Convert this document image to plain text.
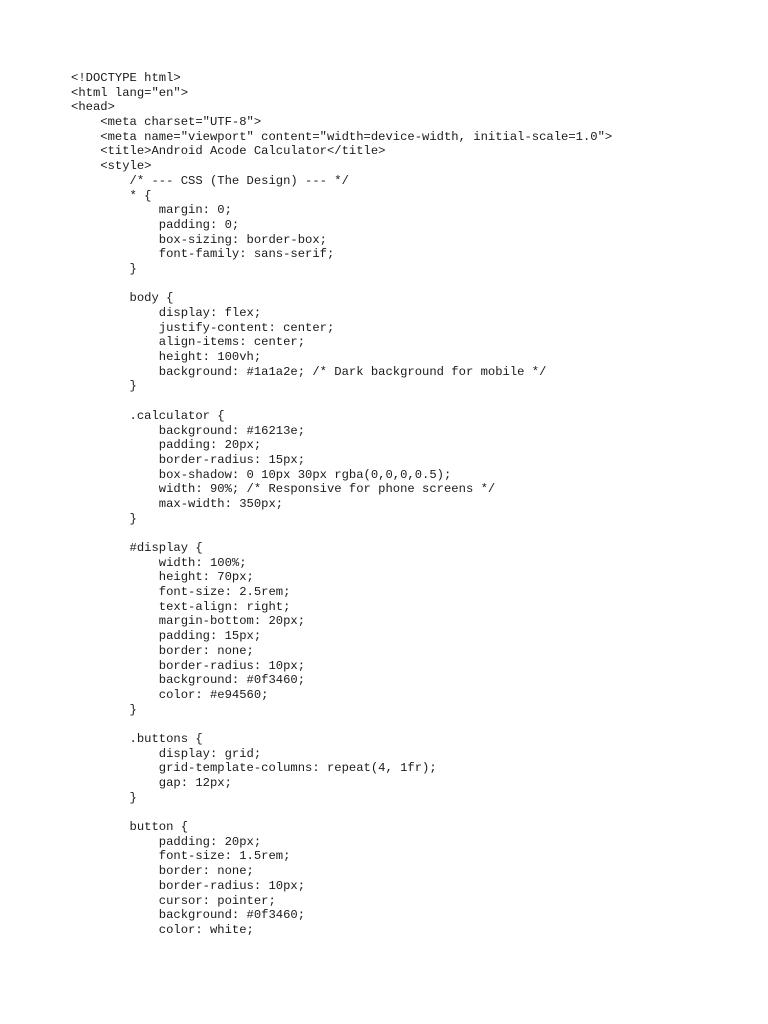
<!DOCTYPE html>
<html lang="en">
<head>
<meta charset="UTF-8">
<meta name="viewport" content="width=device-width, initial-scale=1.0">
<title>Android Acode Calculator</title>
<style>
/* --- CSS (The Design) --- */
* {
margin: 0;
padding: 0;
box-sizing: border-box;
font-family: sans-serif;
}
body {
display: flex;
justify-content: center;
align-items: center;
height: 100vh;
background: #1a1a2e; /* Dark background for mobile */
}
.calculator {
background: #16213e;
padding: 20px;
border-radius: 15px;
box-shadow: 0 10px 30px rgba(0,0,0,0.5);
width: 90%; /* Responsive for phone screens */
max-width: 350px;
}
#display {
width: 100%;
height: 70px;
font-size: 2.5rem;
text-align: right;
margin-bottom: 20px;
padding: 15px;
border: none;
border-radius: 10px;
background: #0f3460;
color: #e94560;
}
.buttons {
display: grid;
grid-template-columns: repeat(4, 1fr);
gap: 12px;
}
button {
padding: 20px;
font-size: 1.5rem;
border: none;
border-radius: 10px;
cursor: pointer;
background: #0f3460;
color: white;
